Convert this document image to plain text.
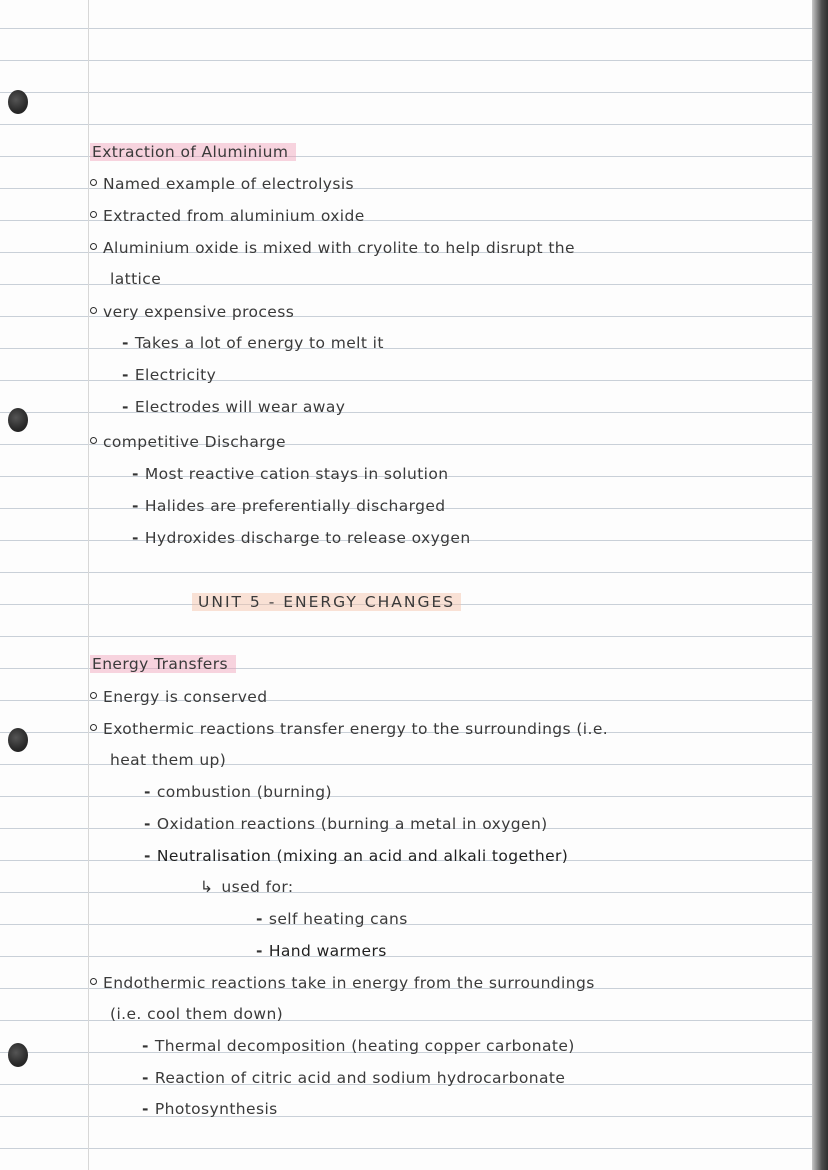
Extraction of Aluminium
Named example of electrolysis
Extracted from aluminium oxide
Aluminium oxide is mixed with cryolite to help disrupt the
lattice
very expensive process
- Takes a lot of energy to melt it
- Electricity
- Electrodes will wear away
competitive Discharge
- Most reactive cation stays in solution
- Halides are preferentially discharged
- Hydroxides discharge to release oxygen
UNIT 5 - ENERGY CHANGES
Energy Transfers
Energy is conserved
Exothermic reactions transfer energy to the surroundings (i.e.
heat them up)
- combustion (burning)
- Oxidation reactions (burning a metal in oxygen)
- Neutralisation (mixing an acid and alkali together)
↳ used for:
- self heating cans
- Hand warmers
Endothermic reactions take in energy from the surroundings
(i.e. cool them down)
- Thermal decomposition (heating copper carbonate)
- Reaction of citric acid and sodium hydrocarbonate
- Photosynthesis
